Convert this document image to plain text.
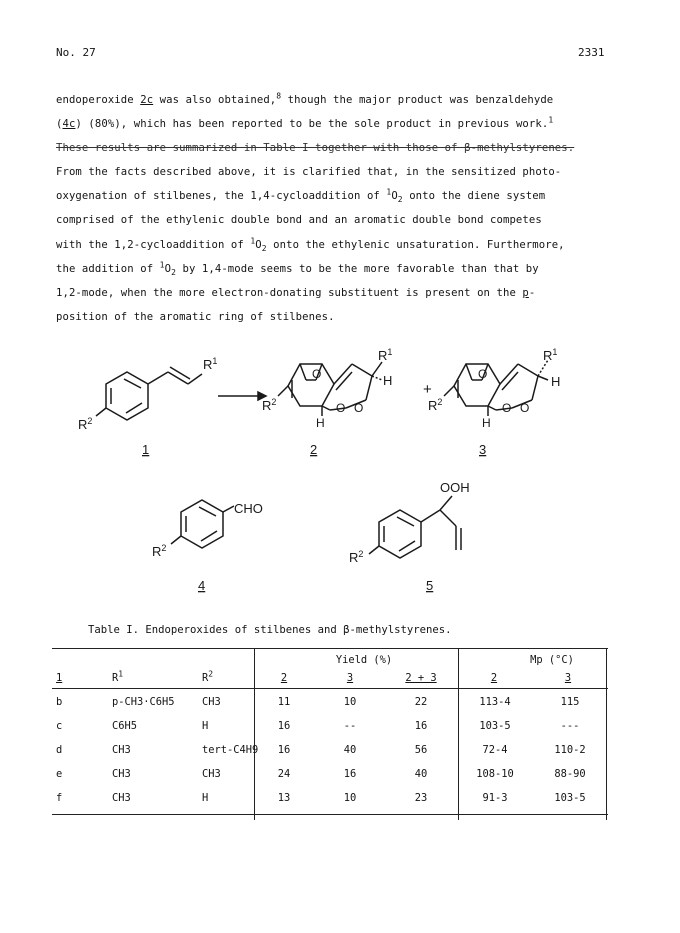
No. 27	2331
endoperoxide 2c was also obtained,$^8$ though the major product was benzaldehyde
(4c) (80%), which has been reported to be the sole product in previous work.$^1$
These results are summarized in Table I together with those of β-methylstyrenes.
From the facts described above, it is clarified that, in the sensitized photo-
oxygenation of stilbenes, the 1,4-cycloaddition of $^1O_2$ onto the diene system
comprised of the ethylenic double bond and an aromatic double bond competes
with the 1,2-cycloaddition of $^1O_2$ onto the ethylenic unsaturation. Furthermore,
the addition of $^1O_2$ by 1,4-mode seems to be the more favorable than that by
1,2-mode, when the more electron-donating substituent is present on the p-
position of the aromatic ring of stilbenes.
$R^1$
$R^2$
O
O O
$R^1$
H
H
$R^2$
+
O
O O
$R^1$
H
H
$R^2$
1	2	3
CHO
$R^2$
OOH
$R^2$
4	5
Table I. Endoperoxides of stilbenes and β-methylstyrenes.
Yield (%)	Mp (°C)
1	$R^1$	$R^2$	2	3	2 + 3	2	3
b	p-CH3·C6H5	CH3	11	10	22	113-4	115
c	C6H5	H	16	--	16	103-5	---
d	CH3	tert-C4H9	16	40	56	72-4	110-2
e	CH3	CH3	24	16	40	108-10	88-90
f	CH3	H	13	10	23	91-3	103-5
